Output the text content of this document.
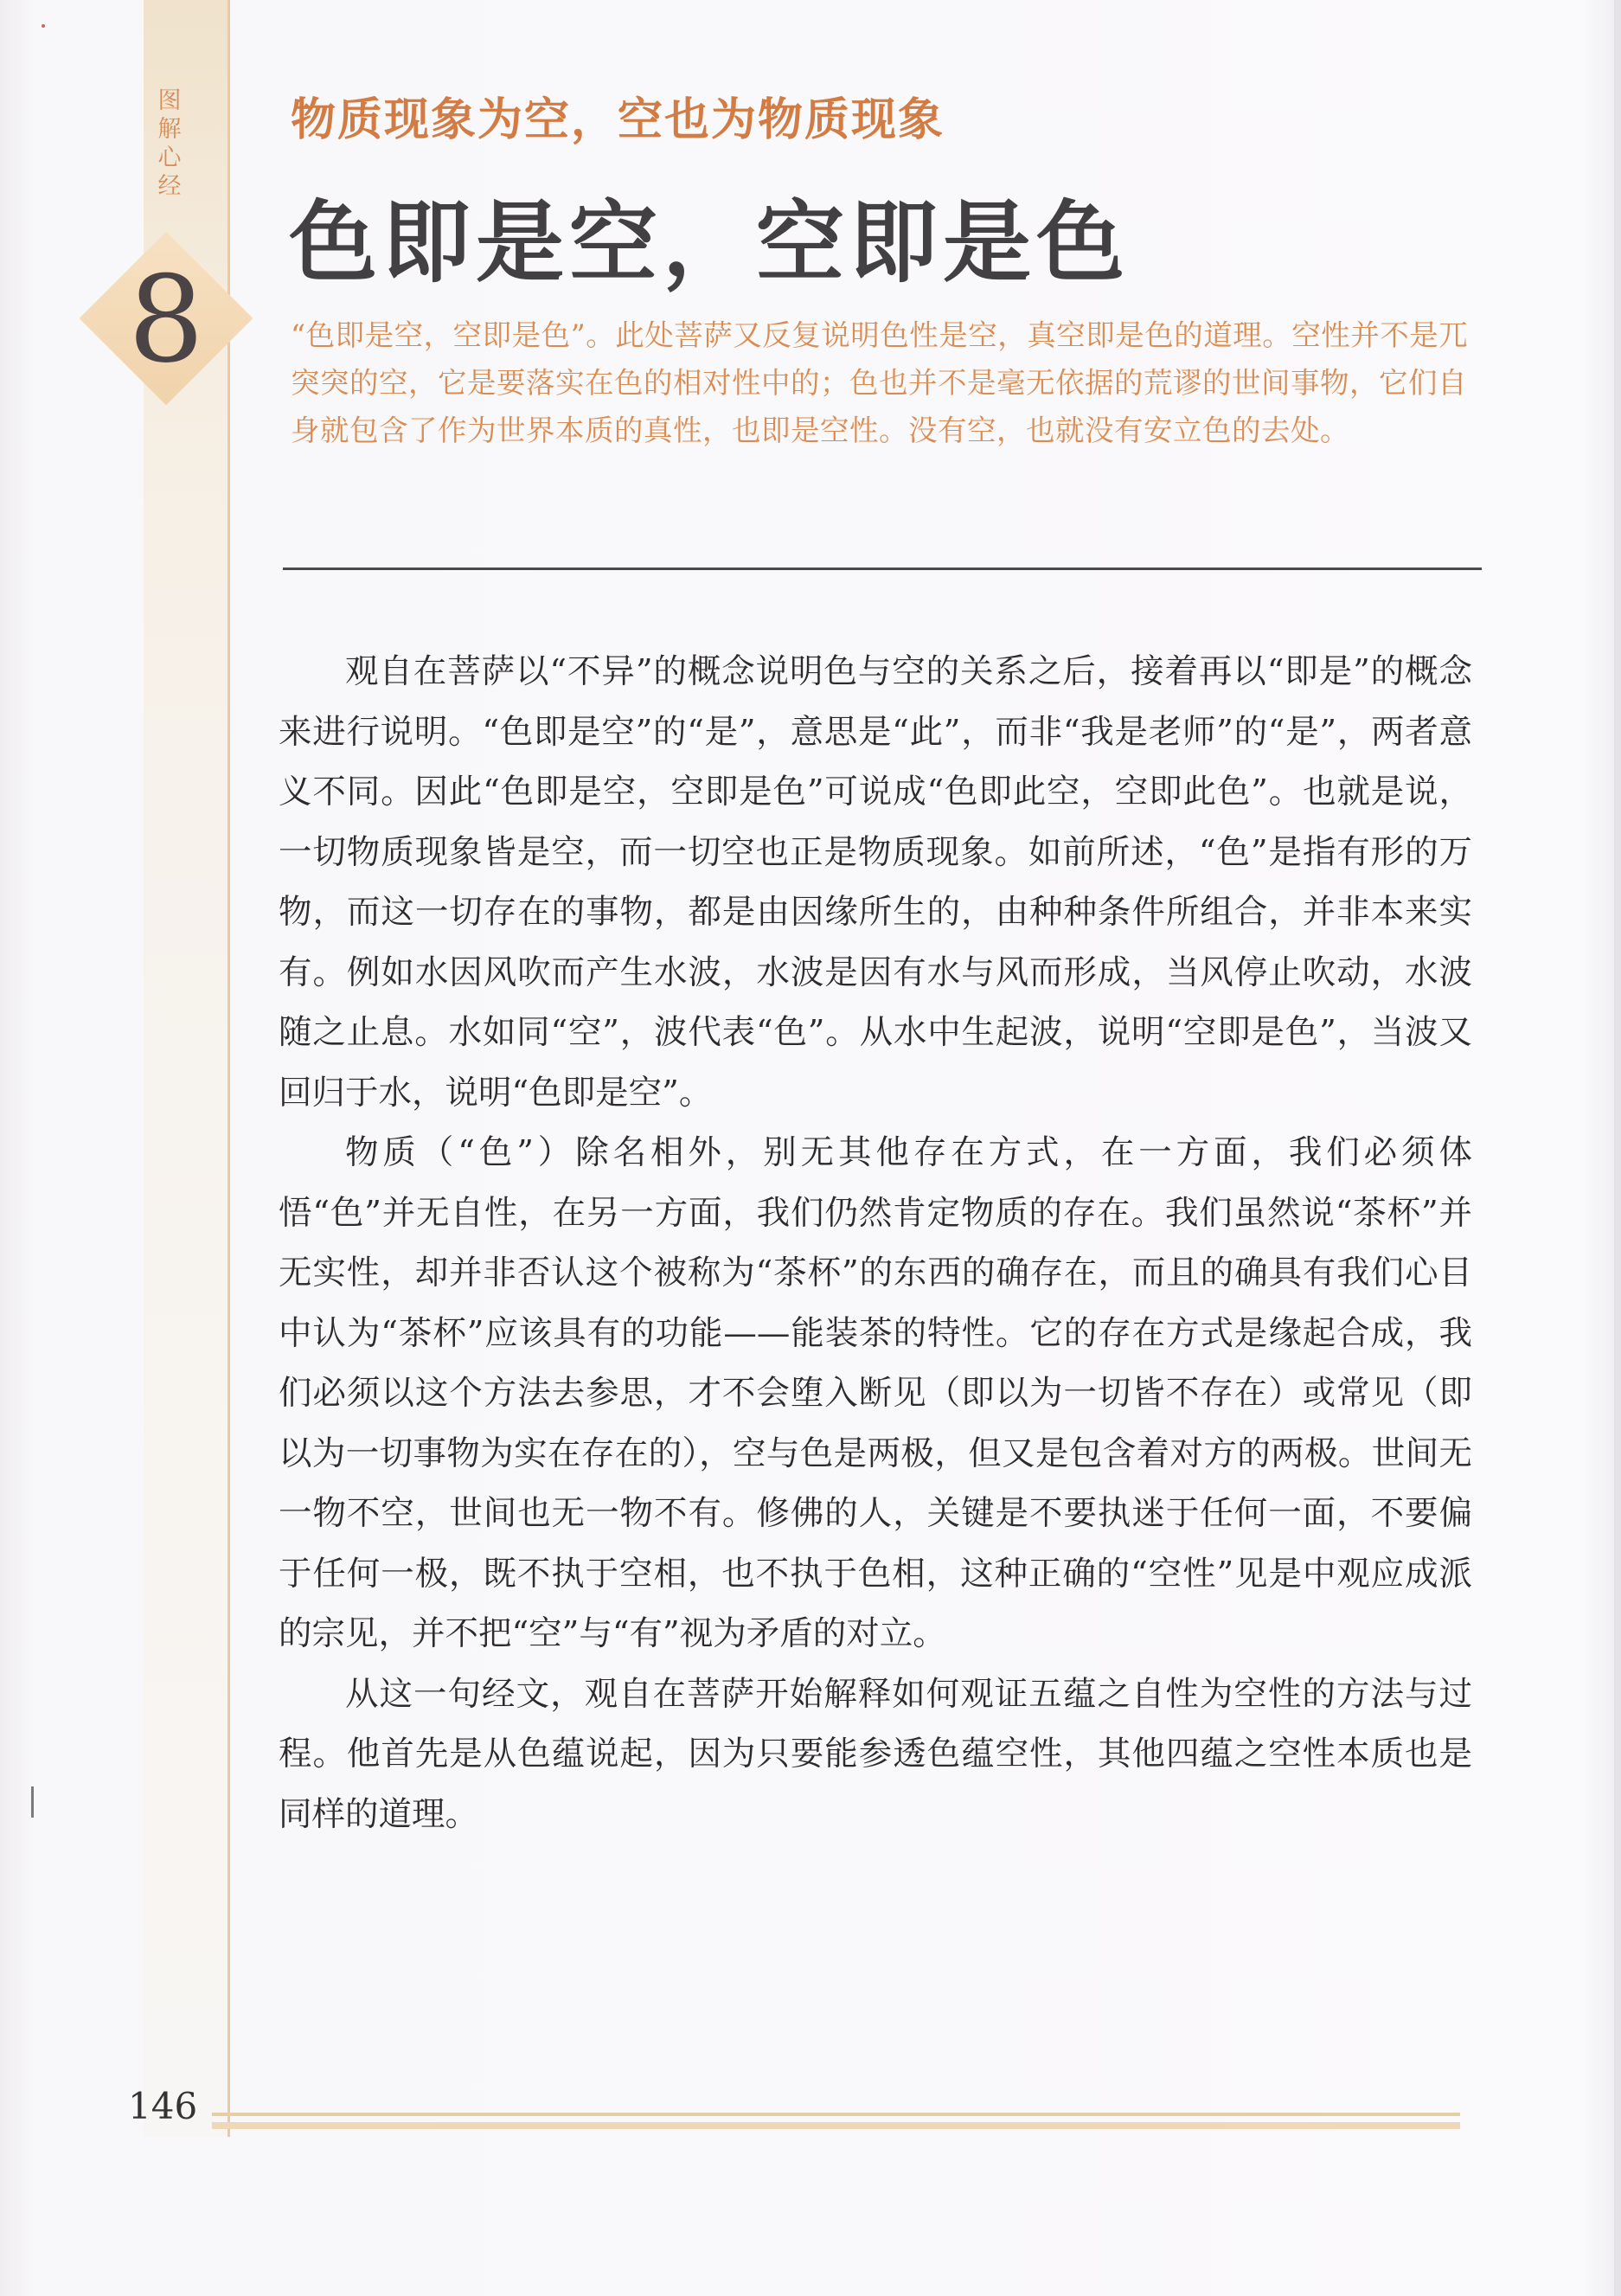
图解心经
8
物质现象为空，空也为物质现象
色即是空，空即是色
“色即是空，空即是色”。此处菩萨又反复说明色性是空，真空即是色的道理。空性并不是兀突突的空，它是要落实在色的相对性中的；色也并不是毫无依据的荒谬的世间事物，它们自身就包含了作为世界本质的真性，也即是空性。没有空，也就没有安立色的去处。

观自在菩萨以“不异”的概念说明色与空的关系之后，接着再以“即是”的概念来进行说明。“色即是空”的“是”，意思是“此”，而非“我是老师”的“是”，两者意义不同。因此“色即是空，空即是色”可说成“色即此空，空即此色”。也就是说，一切物质现象皆是空，而一切空也正是物质现象。如前所述，“色”是指有形的万物，而这一切存在的事物，都是由因缘所生的，由种种条件所组合，并非本来实有。例如水因风吹而产生水波，水波是因有水与风而形成，当风停止吹动，水波随之止息。水如同“空”，波代表“色”。从水中生起波，说明“空即是色”，当波又回归于水，说明“色即是空”。

物质（“色”）除名相外，别无其他存在方式，在一方面，我们必须体悟“色”并无自性，在另一方面，我们仍然肯定物质的存在。我们虽然说“茶杯”并无实性，却并非否认这个被称为“茶杯”的东西的确存在，而且的确具有我们心目中认为“茶杯”应该具有的功能——能装茶的特性。它的存在方式是缘起合成，我们必须以这个方法去参思，才不会堕入断见（即以为一切皆不存在）或常见（即以为一切事物为实在存在的），空与色是两极，但又是包含着对方的两极。世间无一物不空，世间也无一物不有。修佛的人，关键是不要执迷于任何一面，不要偏于任何一极，既不执于空相，也不执于色相，这种正确的“空性”见是中观应成派的宗见，并不把“空”与“有”视为矛盾的对立。

从这一句经文，观自在菩萨开始解释如何观证五蕴之自性为空性的方法与过程。他首先是从色蕴说起，因为只要能参透色蕴空性，其他四蕴之空性本质也是同样的道理。

146
